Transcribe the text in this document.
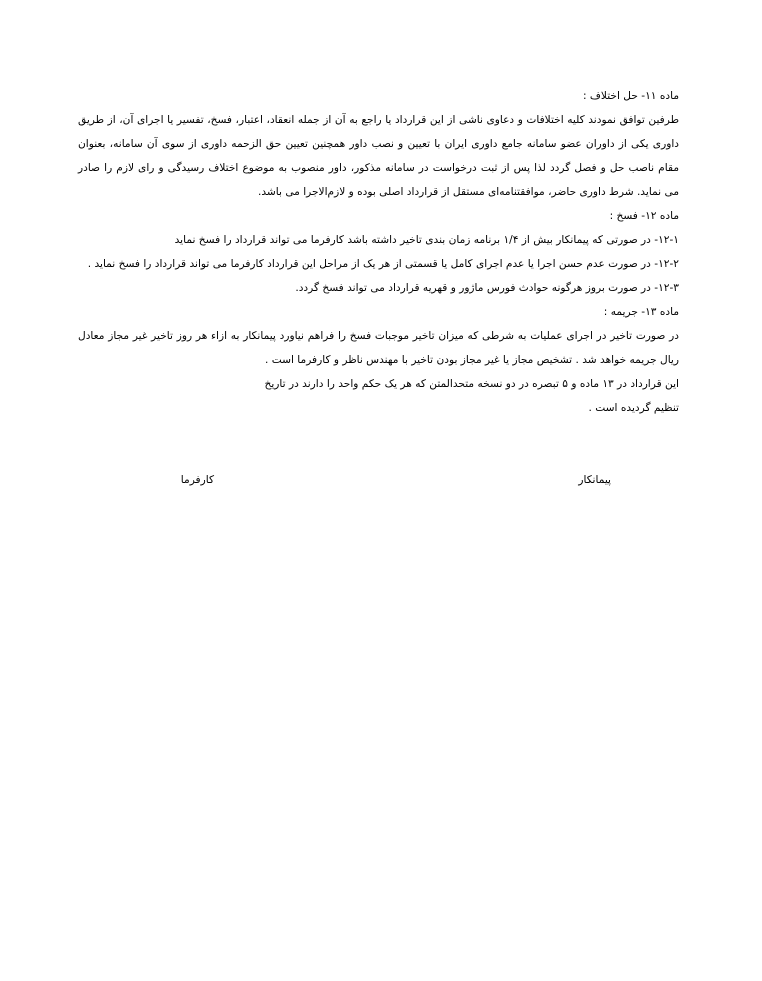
ماده ۱۱- حل اختلاف :

طرفین توافق نمودند کلیه اختلافات و دعاوی ناشی از این قرارداد یا راجع به آن از جمله انعقاد، اعتبار، فسخ، تفسیر یا اجرای آن، از طریق داوری یکی از داوران عضو سامانه جامع داوری ایران با تعیین و نصب داور همچنین تعیین حق الزحمه داوری از سوی آن سامانه، بعنوان مقام ناصب حل و فصل گردد لذا پس از ثبت درخواست در سامانه مذکور، داور منصوب به موضوع اختلاف رسیدگی و رای لازم را صادر می نماید. شرط داوری حاضر، موافقتنامه‌ای مستقل از قرارداد اصلی بوده و لازم‌الاجرا می باشد.

ماده ۱۲- فسخ :

۱۲-۱- در صورتی که پیمانکار بیش از ۱/۴ برنامه زمان بندی تاخیر داشته باشد کارفرما می تواند قرارداد را فسخ نماید

۱۲-۲- در صورت عدم حسن اجرا یا عدم اجرای کامل یا قسمتی از هر یک از مراحل این قرارداد کارفرما می تواند قرارداد را فسخ نماید .

۱۲-۳- در صورت بروز هرگونه حوادث فورس ماژور و قهریه قرارداد می تواند فسخ گردد.

ماده ۱۳- جریمه :

در صورت تاخیر در اجرای عملیات به شرطی که میزان تاخیر موجبات فسخ را فراهم نیاورد پیمانکار به ازاء هر روز تاخیر غیر مجاز معادل ریال جریمه خواهد شد . تشخیص مجاز یا غیر مجاز بودن تاخیر با مهندس ناظر و کارفرما است .

این قرارداد در ۱۳ ماده و ۵ تبصره در دو نسخه متحدالمتن که هر یک حکم واحد را دارند در تاریخ

تنظیم گردیده است .

پیمانکار
کارفرما
